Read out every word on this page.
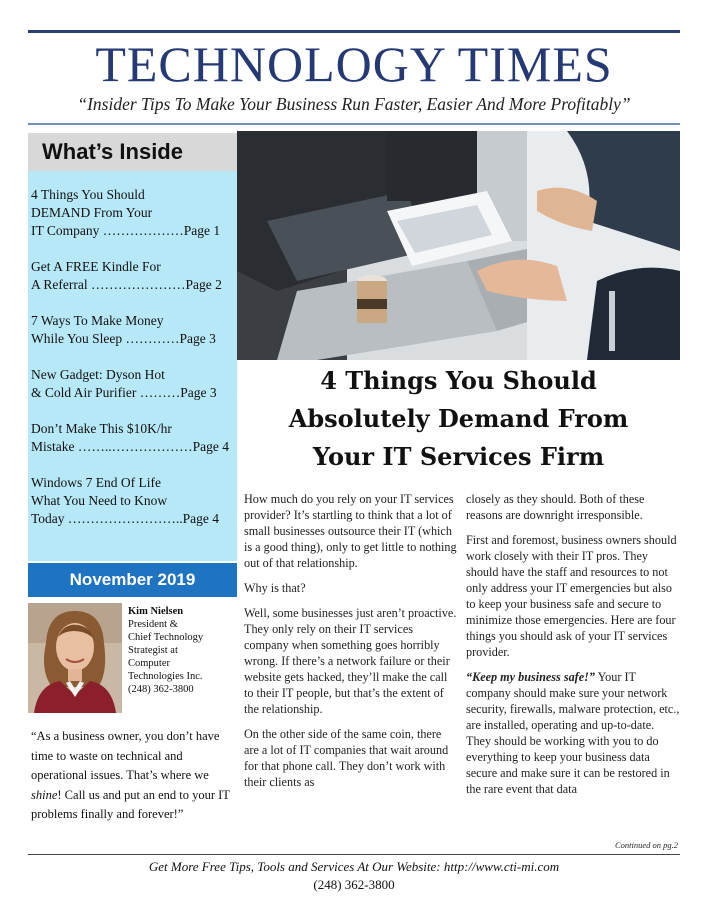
TECHNOLOGY TIMES
“Insider Tips To Make Your Business Run Faster, Easier And More Profitably”
What’s Inside
4 Things You Should
DEMAND From Your
IT Company ………………Page 1
Get A FREE Kindle For
A Referral …………………Page 2
7 Ways To Make Money
While You Sleep …………Page 3
New Gadget: Dyson Hot
& Cold Air Purifier ………Page 3
Don’t Make This $10K/hr
Mistake ……..………………Page 4
Windows 7 End Of Life
What You Need to Know
Today ……………………..Page 4
November 2019
Kim Nielsen
President &
Chief Technology
Strategist at
Computer
Technologies Inc.
(248) 362-3800
“As a business owner, you don’t have time to waste on technical and operational issues. That’s where we shine! Call us and put an end to your IT problems finally and forever!”
4 Things You Should
Absolutely Demand From
Your IT Services Firm

How much do you rely on your IT services provider? It’s startling to think that a lot of small businesses outsource their IT (which is a good thing), only to get little to nothing out of that relationship.

Why is that?

Well, some businesses just aren’t proactive. They only rely on their IT services company when something goes horribly wrong. If there’s a network failure or their website gets hacked, they’ll make the call to their IT people, but that’s the extent of the relationship.

On the other side of the same coin, there are a lot of IT companies that wait around for that phone call. They don’t work with their clients as

closely as they should. Both of these reasons are downright irresponsible.

First and foremost, business owners should work closely with their IT pros. They should have the staff and resources to not only address your IT emergencies but also to keep your business safe and secure to minimize those emergencies. Here are four things you should ask of your IT services provider.

“Keep my business safe!” Your IT company should make sure your network security, firewalls, malware protection, etc., are installed, operating and up-to-date. They should be working with you to do everything to keep your business data secure and make sure it can be restored in the rare event that data

Continued on pg.2
Get More Free Tips, Tools and Services At Our Website: http://www.cti-mi.com
(248) 362-3800
